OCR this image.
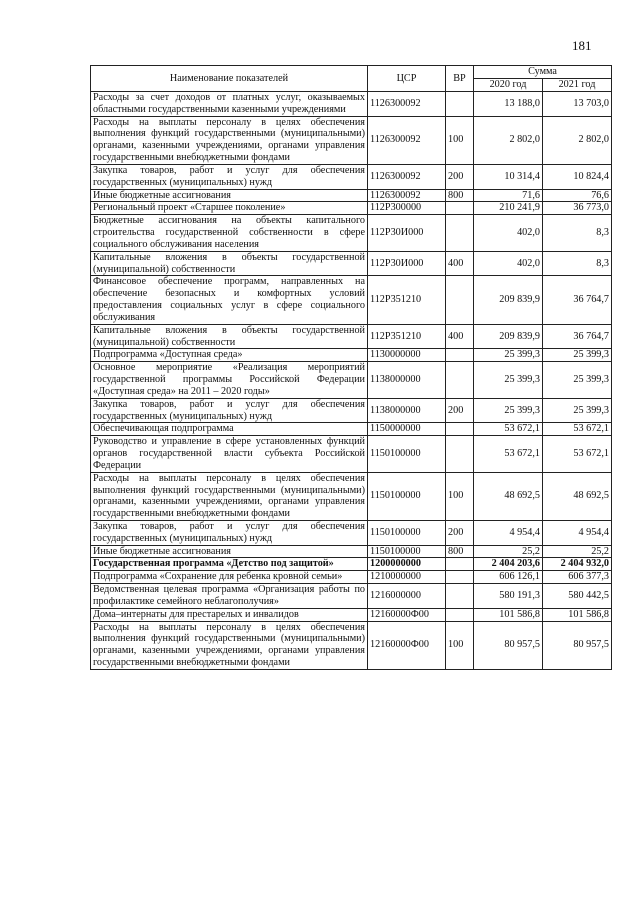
181
Наименование показателей	ЦСР	ВР	Сумма	
			2020 год	2021 год
Расходы за счет доходов от платных услуг, оказываемых областными государственными казенными учреждениями	1126300092		13 188,0	13 703,0
Расходы на выплаты персоналу в целях обеспечения выполнения функций государственными (муниципальными) органами, казенными учреждениями, органами управления государственными внебюджетными фондами	1126300092	100	2 802,0	2 802,0
Закупка товаров, работ и услуг для обеспечения государственных (муниципальных) нужд	1126300092	200	10 314,4	10 824,4
Иные бюджетные ассигнования	1126300092	800	71,6	76,6
Региональный проект «Старшее поколение»	112Р300000		210 241,9	36 773,0
Бюджетные ассигнования на объекты капитального строительства государственной собственности в сфере социального обслуживания населения	112Р30И000		402,0	8,3
Капитальные вложения в объекты государственной (муниципальной) собственности	112Р30И000	400	402,0	8,3
Финансовое обеспечение программ, направленных на обеспечение безопасных и комфортных условий предоставления социальных услуг в сфере социального обслуживания	112Р351210		209 839,9	36 764,7
Капитальные вложения в объекты государственной (муниципальной) собственности	112Р351210	400	209 839,9	36 764,7
Подпрограмма «Доступная среда»	1130000000		25 399,3	25 399,3
Основное мероприятие «Реализация мероприятий государственной программы Российской Федерации «Доступная среда» на 2011 – 2020 годы»	1138000000		25 399,3	25 399,3
Закупка товаров, работ и услуг для обеспечения государственных (муниципальных) нужд	1138000000	200	25 399,3	25 399,3
Обеспечивающая подпрограмма	1150000000		53 672,1	53 672,1
Руководство и управление в сфере установленных функций органов государственной власти субъекта Российской Федерации	1150100000		53 672,1	53 672,1
Расходы на выплаты персоналу в целях обеспечения выполнения функций государственными (муниципальными) органами, казенными учреждениями, органами управления государственными внебюджетными фондами	1150100000	100	48 692,5	48 692,5
Закупка товаров, работ и услуг для обеспечения государственных (муниципальных) нужд	1150100000	200	4 954,4	4 954,4
Иные бюджетные ассигнования	1150100000	800	25,2	25,2
Государственная программа «Детство под защитой»	1200000000		2 404 203,6	2 404 932,0
Подпрограмма «Сохранение для ребенка кровной семьи»	1210000000		606 126,1	606 377,3
Ведомственная целевая программа «Организация работы по профилактике семейного неблагополучия»	1216000000		580 191,3	580 442,5
Дома–интернаты для престарелых и инвалидов	12160000Ф00		101 586,8	101 586,8
Расходы на выплаты персоналу в целях обеспечения выполнения функций государственными (муниципальными) органами, казенными учреждениями, органами управления государственными внебюджетными фондами	12160000Ф00	100	80 957,5	80 957,5
